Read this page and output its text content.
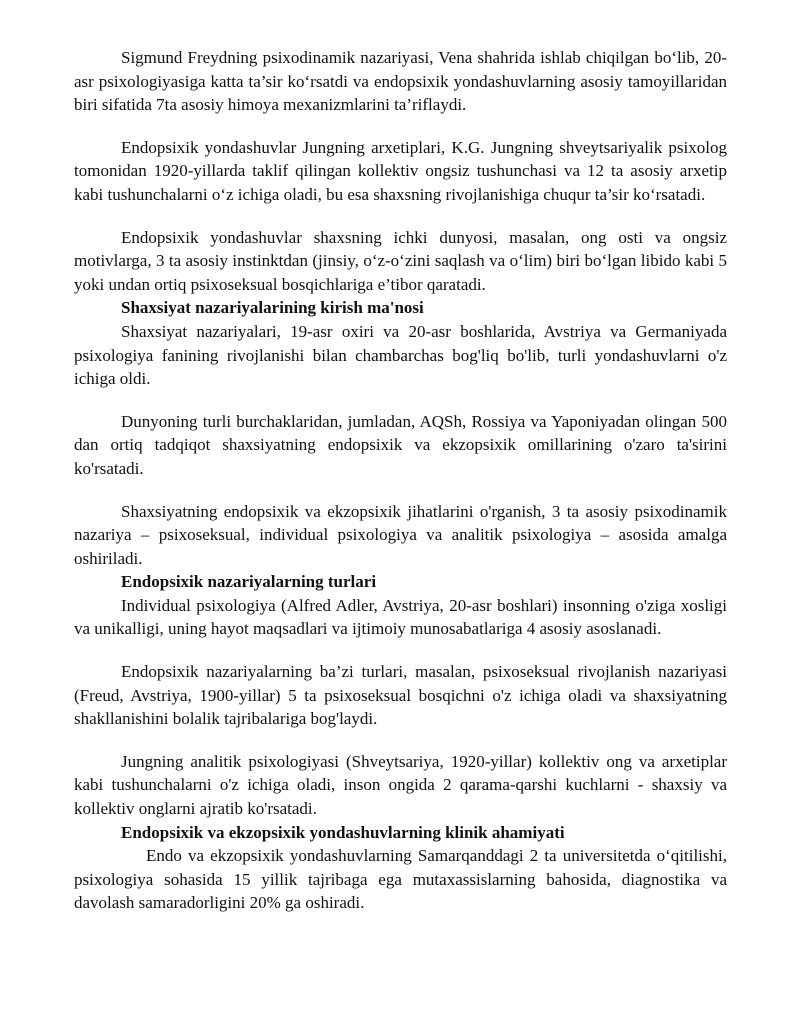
Sigmund Freydning psixodinamik nazariyasi, Vena shahrida ishlab chiqilgan bo‘lib, 20-asr psixologiyasiga katta ta’sir ko‘rsatdi va endopsixik yondashuvlarning asosiy tamoyillaridan biri sifatida 7ta asosiy himoya mexanizmlarini ta’riflaydi.

Endopsixik yondashuvlar Jungning arxetiplari, K.G. Jungning shveytsariyalik psixolog tomonidan 1920-yillarda taklif qilingan kollektiv ongsiz tushunchasi va 12 ta asosiy arxetip kabi tushunchalarni o‘z ichiga oladi, bu esa shaxsning rivojlanishiga chuqur ta’sir ko‘rsatadi.

Endopsixik yondashuvlar shaxsning ichki dunyosi, masalan, ong osti va ongsiz motivlarga, 3 ta asosiy instinktdan (jinsiy, o‘z-o‘zini saqlash va o‘lim) biri bo‘lgan libido kabi 5 yoki undan ortiq psixoseksual bosqichlariga e’tibor qaratadi.

Shaxsiyat nazariyalarining kirish ma'nosi

Shaxsiyat nazariyalari, 19-asr oxiri va 20-asr boshlarida, Avstriya va Germaniyada psixologiya fanining rivojlanishi bilan chambarchas bog'liq bo'lib, turli yondashuvlarni o'z ichiga oldi.

Dunyoning turli burchaklaridan, jumladan, AQSh, Rossiya va Yaponiyadan olingan 500 dan ortiq tadqiqot shaxsiyatning endopsixik va ekzopsixik omillarining o'zaro ta'sirini ko'rsatadi.

Shaxsiyatning endopsixik va ekzopsixik jihatlarini o'rganish, 3 ta asosiy psixodinamik nazariya – psixoseksual, individual psixologiya va analitik psixologiya – asosida amalga oshiriladi.

Endopsixik nazariyalarning turlari

Individual psixologiya (Alfred Adler, Avstriya, 20-asr boshlari) insonning o'ziga xosligi va unikalligi, uning hayot maqsadlari va ijtimoiy munosabatlariga 4 asosiy asoslanadi.

Endopsixik nazariyalarning ba’zi turlari, masalan, psixoseksual rivojlanish nazariyasi (Freud, Avstriya, 1900-yillar) 5 ta psixoseksual bosqichni o'z ichiga oladi va shaxsiyatning shakllanishini bolalik tajribalariga bog'laydi.

Jungning analitik psixologiyasi (Shveytsariya, 1920-yillar) kollektiv ong va arxetiplar kabi tushunchalarni o'z ichiga oladi, inson ongida 2 qarama-qarshi kuchlarni - shaxsiy va kollektiv onglarni ajratib ko'rsatadi.

Endopsixik va ekzopsixik yondashuvlarning klinik ahamiyati

Endo va ekzopsixik yondashuvlarning Samarqanddagi 2 ta universitetda o‘qitilishi, psixologiya sohasida 15 yillik tajribaga ega mutaxassislarning bahosida, diagnostika va davolash samaradorligini 20% ga oshiradi.
